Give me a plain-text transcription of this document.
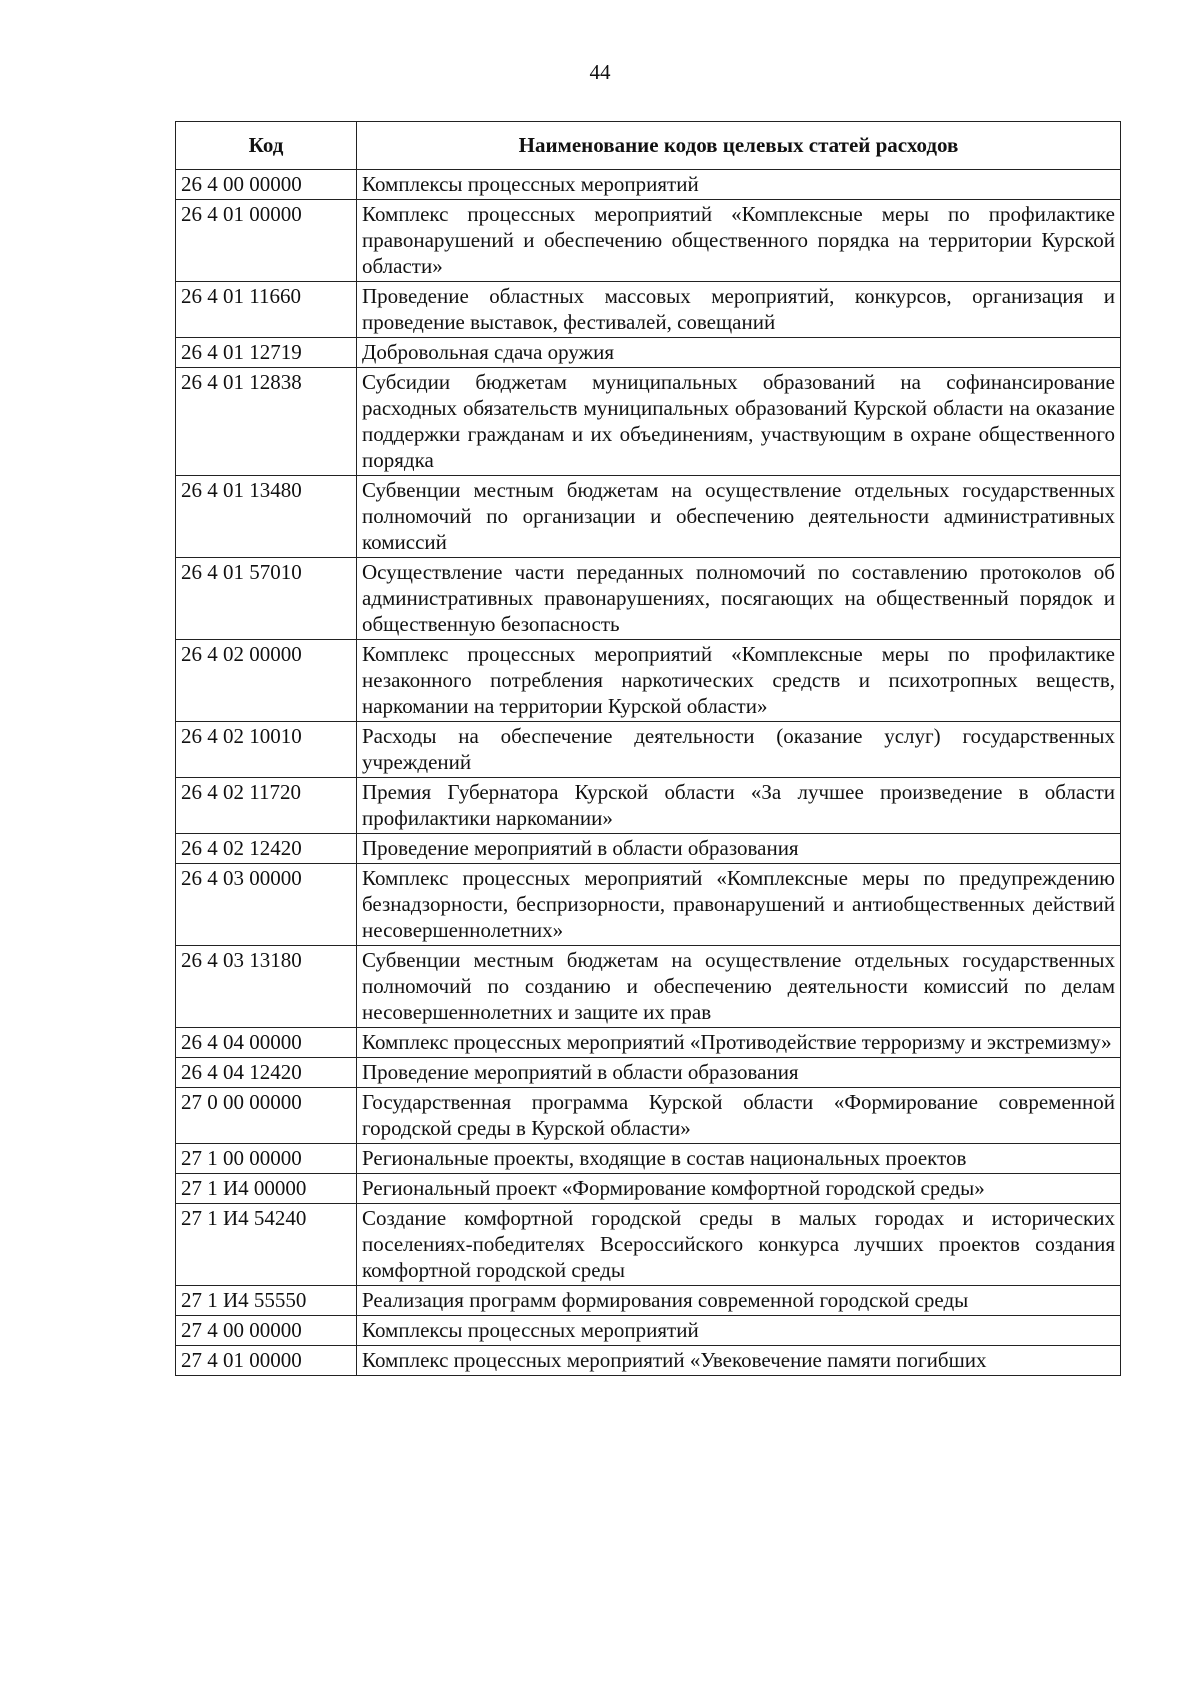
44
Код	Наименование кодов целевых статей расходов
26 4 00 00000	Комплексы процессных мероприятий
26 4 01 00000	Комплекс процессных мероприятий «Комплексные меры по профилактике правонарушений и обеспечению общественного порядка на территории Курской области»
26 4 01 11660	Проведение областных массовых мероприятий, конкурсов, организация и проведение выставок, фестивалей, совещаний
26 4 01 12719	Добровольная сдача оружия
26 4 01 12838	Субсидии бюджетам муниципальных образований на софинансирование расходных обязательств муниципальных образований Курской области на оказание поддержки гражданам и их объединениям, участвующим в охране общественного порядка
26 4 01 13480	Субвенции местным бюджетам на осуществление отдельных государственных полномочий по организации и обеспечению деятельности административных комиссий
26 4 01 57010	Осуществление части переданных полномочий по составлению протоколов об административных правонарушениях, посягающих на общественный порядок и общественную безопасность
26 4 02 00000	Комплекс процессных мероприятий «Комплексные меры по профилактике незаконного потребления наркотических средств и психотропных веществ, наркомании на территории Курской области»
26 4 02 10010	Расходы на обеспечение деятельности (оказание услуг) государственных учреждений
26 4 02 11720	Премия Губернатора Курской области «За лучшее произведение в области профилактики наркомании»
26 4 02 12420	Проведение мероприятий в области образования
26 4 03 00000	Комплекс процессных мероприятий «Комплексные меры по предупреждению безнадзорности, беспризорности, правонарушений и антиобщественных действий несовершеннолетних»
26 4 03 13180	Субвенции местным бюджетам на осуществление отдельных государственных полномочий по созданию и обеспечению деятельности комиссий по делам несовершеннолетних и защите их прав
26 4 04 00000	Комплекс процессных мероприятий «Противодействие терроризму и экстремизму»
26 4 04 12420	Проведение мероприятий в области образования
27 0 00 00000	Государственная программа Курской области «Формирование современной городской среды в Курской области»
27 1 00 00000	Региональные проекты, входящие в состав национальных проектов
27 1 И4 00000	Региональный проект «Формирование комфортной городской среды»
27 1 И4 54240	Создание комфортной городской среды в малых городах и исторических поселениях-победителях Всероссийского конкурса лучших проектов создания комфортной городской среды
27 1 И4 55550	Реализация программ формирования современной городской среды
27 4 00 00000	Комплексы процессных мероприятий
27 4 01 00000	Комплекс процессных мероприятий «Увековечение памяти погибших
